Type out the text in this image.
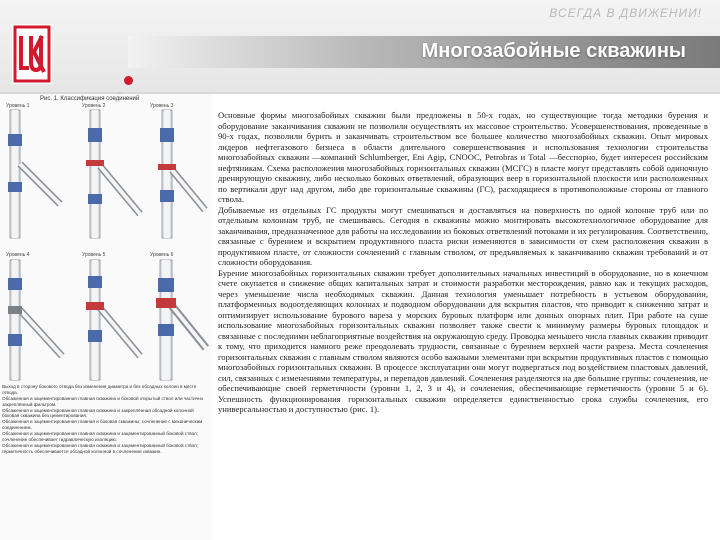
ВСЕГДА В ДВИЖЕНИИ!
Многозабойные скважины
Рис. 1. Классификация соединений
Уровень 1	Уровень 2	Уровень 3
Уровень 4	Уровень 5	Уровень 6
Выход в сторону бокового отвода без изменения диаметра и без обсадных колонн в месте отвода.
Обсаженная и зацементированная главная скважина и боковой открытый ствол или частично закреплённый фильтром.
Обсаженная и зацементированная главная скважина и закреплённая обсадной колонной боковая скважина без цементирования.
Обсаженная и зацементированная главная и боковая скважины; сочленение с механическим соединением.
Обсаженная и зацементированная главная скважина и зацементированный боковой ствол; сочленение обеспечивает гидравлическую изоляцию.
Обсаженная и зацементированная главная скважина и зацементированный боковой ствол; герметичность обеспечивается обсадной колонной в сочленении скважин.

Основные формы многозабойных скважин были предложены в 50-х годах, но существующие тогда методики бурения и оборудование заканчивания скважин не позволили осуществлять их массовое строительство. Усовершенствования, проведенные в 90-х годах, позволили бурить и заканчивать строительством все большее количество многозабойных скважин. Опыт мировых лидеров нефтегазового бизнеса в области длительного совершенствования и использования технологии строительства многозабойных скважин —компаний Schlumberger, Eni Agip, CNOOC, Petrobras и Total —бесспорно, будет интересен российским нефтяникам. Схема расположения многозабойных горизонтальных скважин (МСГС) в пласте могут представлять собой одиночную дренирующую скважину, либо несколько боковых ответвлений, образующих веер в горизонтальной плоскости или расположенных по вертикали друг над другом, либо две горизонтальные скважины (ГС), расходящиеся в противоположные стороны от главного ствола.

Добываемые из отдельных ГС продукты могут смешиваться и доставляться на поверхность по одной колонне труб или по отдельным колоннам труб, не смешиваясь. Сегодня в скважины можно монтировать высокотехнологичное оборудование для заканчивания, предназначенное для работы на исследовании из боковых ответвлений потоками и их регулирования. Соответственно, связанные с бурением и вскрытием продуктивного пласта риски изменяются в зависимости от схем расположения скважин в продуктивном пласте, от сложности сочленений с главным стволом, от предъявляемых к заканчиванию скважин требований и от сложности оборудования.

Бурение многозабойных горизонтальных скважин требует дополнительных начальных инвестиций в оборудование, но в конечном счете окупается и снижение общих капитальных затрат и стоимости разработки месторождения, равно как и текущих расходов, через уменьшение числа необходимых скважин. Данная технология уменьшает потребность в устьевом оборудовании, платформенных водоотделяющих колоннах и подводном оборудовании для вскрытия пластов, что приводит к снижению затрат и оптимизирует использование бурового вареза у морских буровых платформ или донных опорных плит. При работе на суше использование многозабойных горизонтальных скважин позволяет также свести к минимуму размеры буровых площадок и связанные с последними неблагоприятные воздействия на окружающую среду. Проводка меньшего числа главных скважин приводит к тому, что приходится намного реже преодолевать трудности, связанные с бурением верхней части разреза. Места сочленения горизонтальных скважин с главным стволом являются особо важными элементами при вскрытии продуктивных пластов с помощью многозабойных горизонтальных скважин. В процессе эксплуатации они могут подвергаться под воздействием пластовых давлений, сил, связанных с изменениями температуры, и перепадов давлений. Сочленения разделяются на две большие группы: сочленения, не обеспечивающие своей герметичности (уровни 1, 2, 3 и 4), и сочленения, обеспечивающие герметичность (уровни 5 и 6). Успешность функционирования горизонтальных скважин определяется единственностью срока службы сочленения, его универсальностью и доступностью (рис. 1).
